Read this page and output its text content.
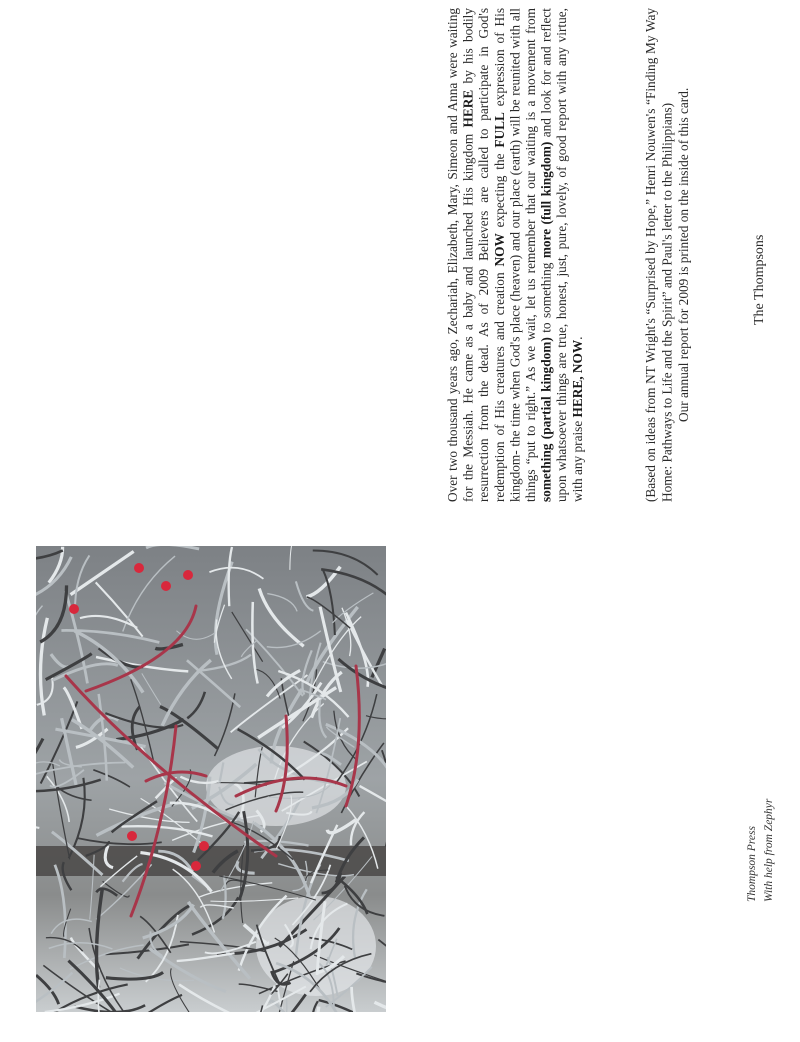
Over two thousand years ago, Zechariah, Elizabeth, Mary, Simeon and Anna were waiting for the Messiah. He came as a baby and launched His kingdom HERE by his bodily resurrection from the dead. As of 2009 Believers are called to participate in God's redemption of His creatures and creation NOW expecting the FULL expression of His kingdom- the time when God's place (heaven) and our place (earth) will be reunited with all things “put to right.” As we wait, let us remember that our waiting is a movement from something (partial kingdom) to something more (full kingdom) and look for and reflect upon whatsoever things are true, honest, just, pure, lovely, of good report with any virtue, with any praise HERE, NOW.	(Based on ideas from NT Wright's “Surprised by Hope,” Henri Nouwen's “Finding My Way Home: Pathways to Life and the Spirit” and Paul's letter to the Philippians) Our annual report for 2009 is printed on the inside of this card.	The Thompsons
Thompson Press With help from Zephyr
